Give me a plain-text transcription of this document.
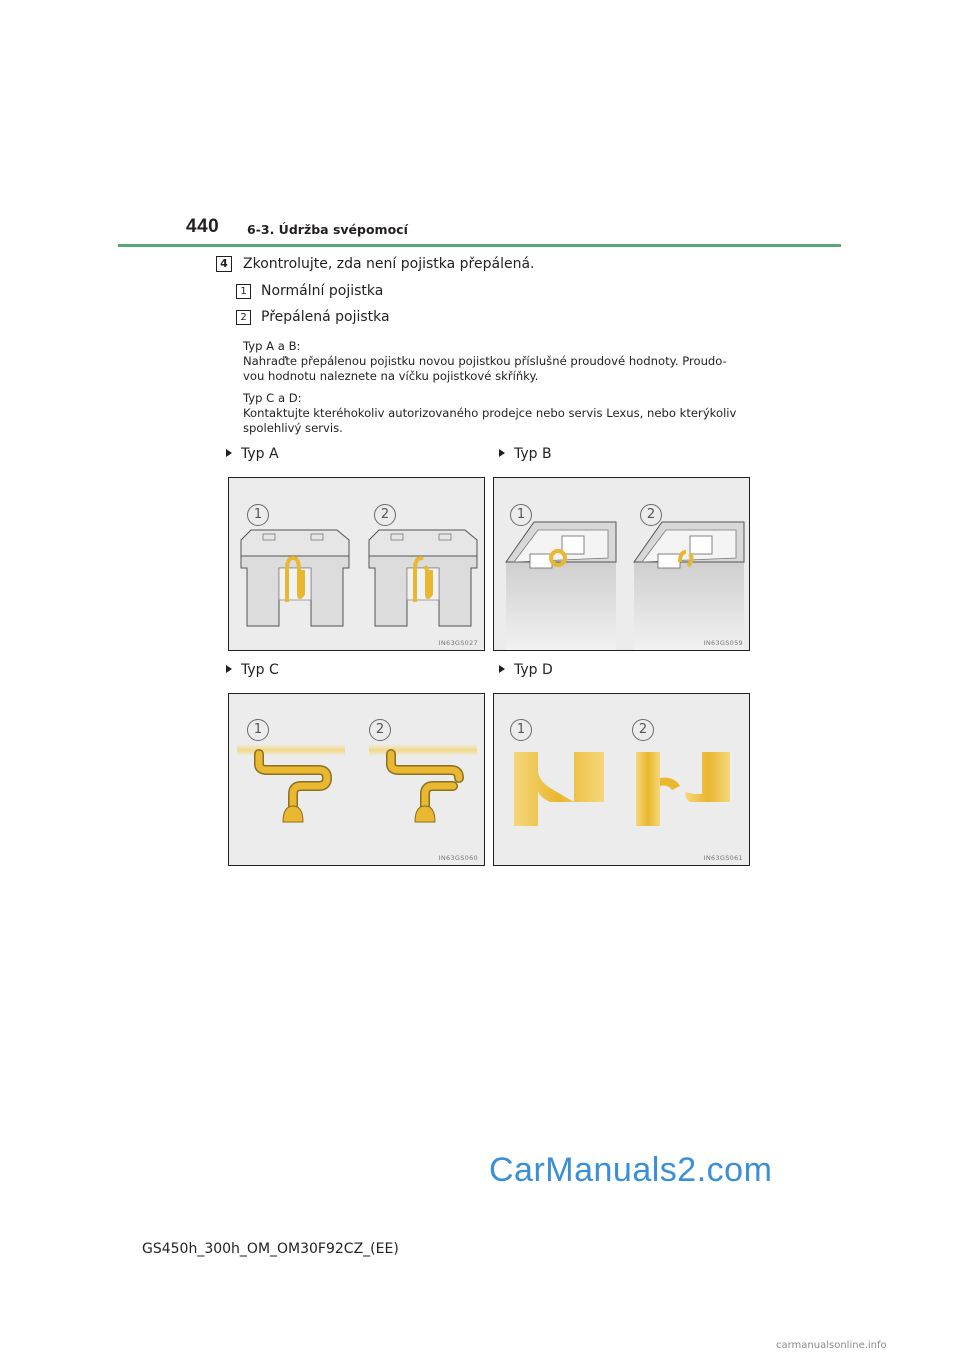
440 6-3. Údržba svépomocí
4 Zkontrolujte, zda není pojistka přepálená.
1	Normální pojistka
2	Přepálená pojistka
Typ A a B:
Nahraďte přepálenou pojistku novou pojistkou příslušné proudové hodnoty. Proudo-
vou hodnotu naleznete na víčku pojistkové skříňky.
Typ C a D:
Kontaktujte kteréhokoliv autorizovaného prodejce nebo servis Lexus, nebo kterýkoliv
spolehlivý servis.
Typ A	Typ B
Typ C	Typ D
1	2
IN63GS027
1	2
IN63GS059
1	2
IN63GS060
1	2
IN63GS061
CarManuals2.com
GS450h_300h_OM_OM30F92CZ_(EE)
carmanualsonline.info
